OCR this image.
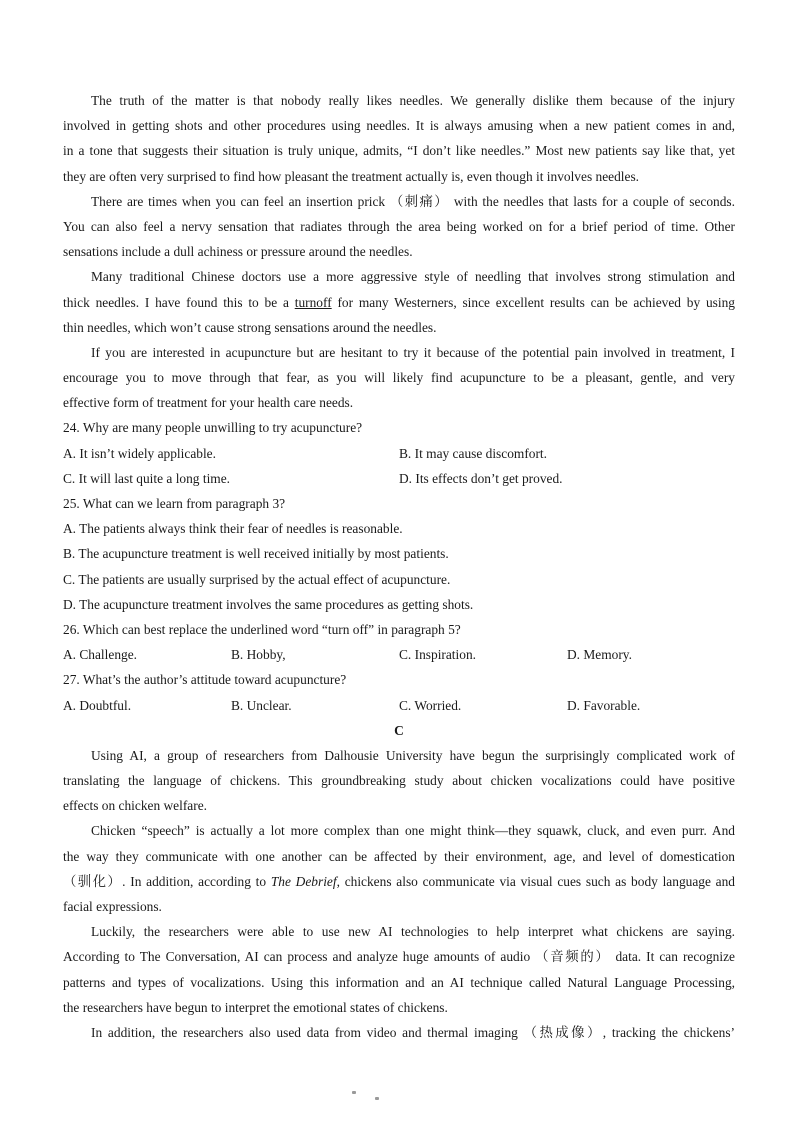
The truth of the matter is that nobody really likes needles. We generally dislike them because of the injury
involved in getting shots and other procedures using needles. It is always amusing when a new patient comes in and,
in a tone that suggests their situation is truly unique, admits, “I don’t like needles.” Most new patients say like that, yet
they are often very surprised to find how pleasant the treatment actually is, even though it involves needles.
There are times when you can feel an insertion prick （刺痛） with the needles that lasts for a couple of seconds.
You can also feel a nervy sensation that radiates through the area being worked on for a brief period of time. Other
sensations include a dull achiness or pressure around the needles.
Many traditional Chinese doctors use a more aggressive style of needling that involves strong stimulation and
thick needles. I have found this to be a turnoff for many Westerners, since excellent results can be achieved by using
thin needles, which won’t cause strong sensations around the needles.
If you are interested in acupuncture but are hesitant to try it because of the potential pain involved in treatment, I
encourage you to move through that fear, as you will likely find acupuncture to be a pleasant, gentle, and very
effective form of treatment for your health care needs.
24. Why are many people unwilling to try acupuncture?
A. It isn’t widely applicable.	B. It may cause discomfort.
C. It will last quite a long time.	D. Its effects don’t get proved.
25. What can we learn from paragraph 3?
A. The patients always think their fear of needles is reasonable.
B. The acupuncture treatment is well received initially by most patients.
C. The patients are usually surprised by the actual effect of acupuncture.
D. The acupuncture treatment involves the same procedures as getting shots.
26. Which can best replace the underlined word “turn off” in paragraph 5?
A. Challenge.	B. Hobby,	C. Inspiration.	D. Memory.
27. What’s the author’s attitude toward acupuncture?
A. Doubtful.	B. Unclear.	C. Worried.	D. Favorable.
C
Using AI, a group of researchers from Dalhousie University have begun the surprisingly complicated work of
translating the language of chickens. This groundbreaking study about chicken vocalizations could have positive
effects on chicken welfare.
Chicken “speech” is actually a lot more complex than one might think—they squawk, cluck, and even purr. And
the way they communicate with one another can be affected by their environment, age, and level of domestication
（驯化）. In addition, according to The Debrief, chickens also communicate via visual cues such as body language and
facial expressions.
Luckily, the researchers were able to use new AI technologies to help interpret what chickens are saying.
According to The Conversation, AI can process and analyze huge amounts of audio （音频的） data. It can recognize
patterns and types of vocalizations. Using this information and an AI technique called Natural Language Processing,
the researchers have begun to interpret the emotional states of chickens.
In addition, the researchers also used data from video and thermal imaging （热成像）, tracking the chickens’
